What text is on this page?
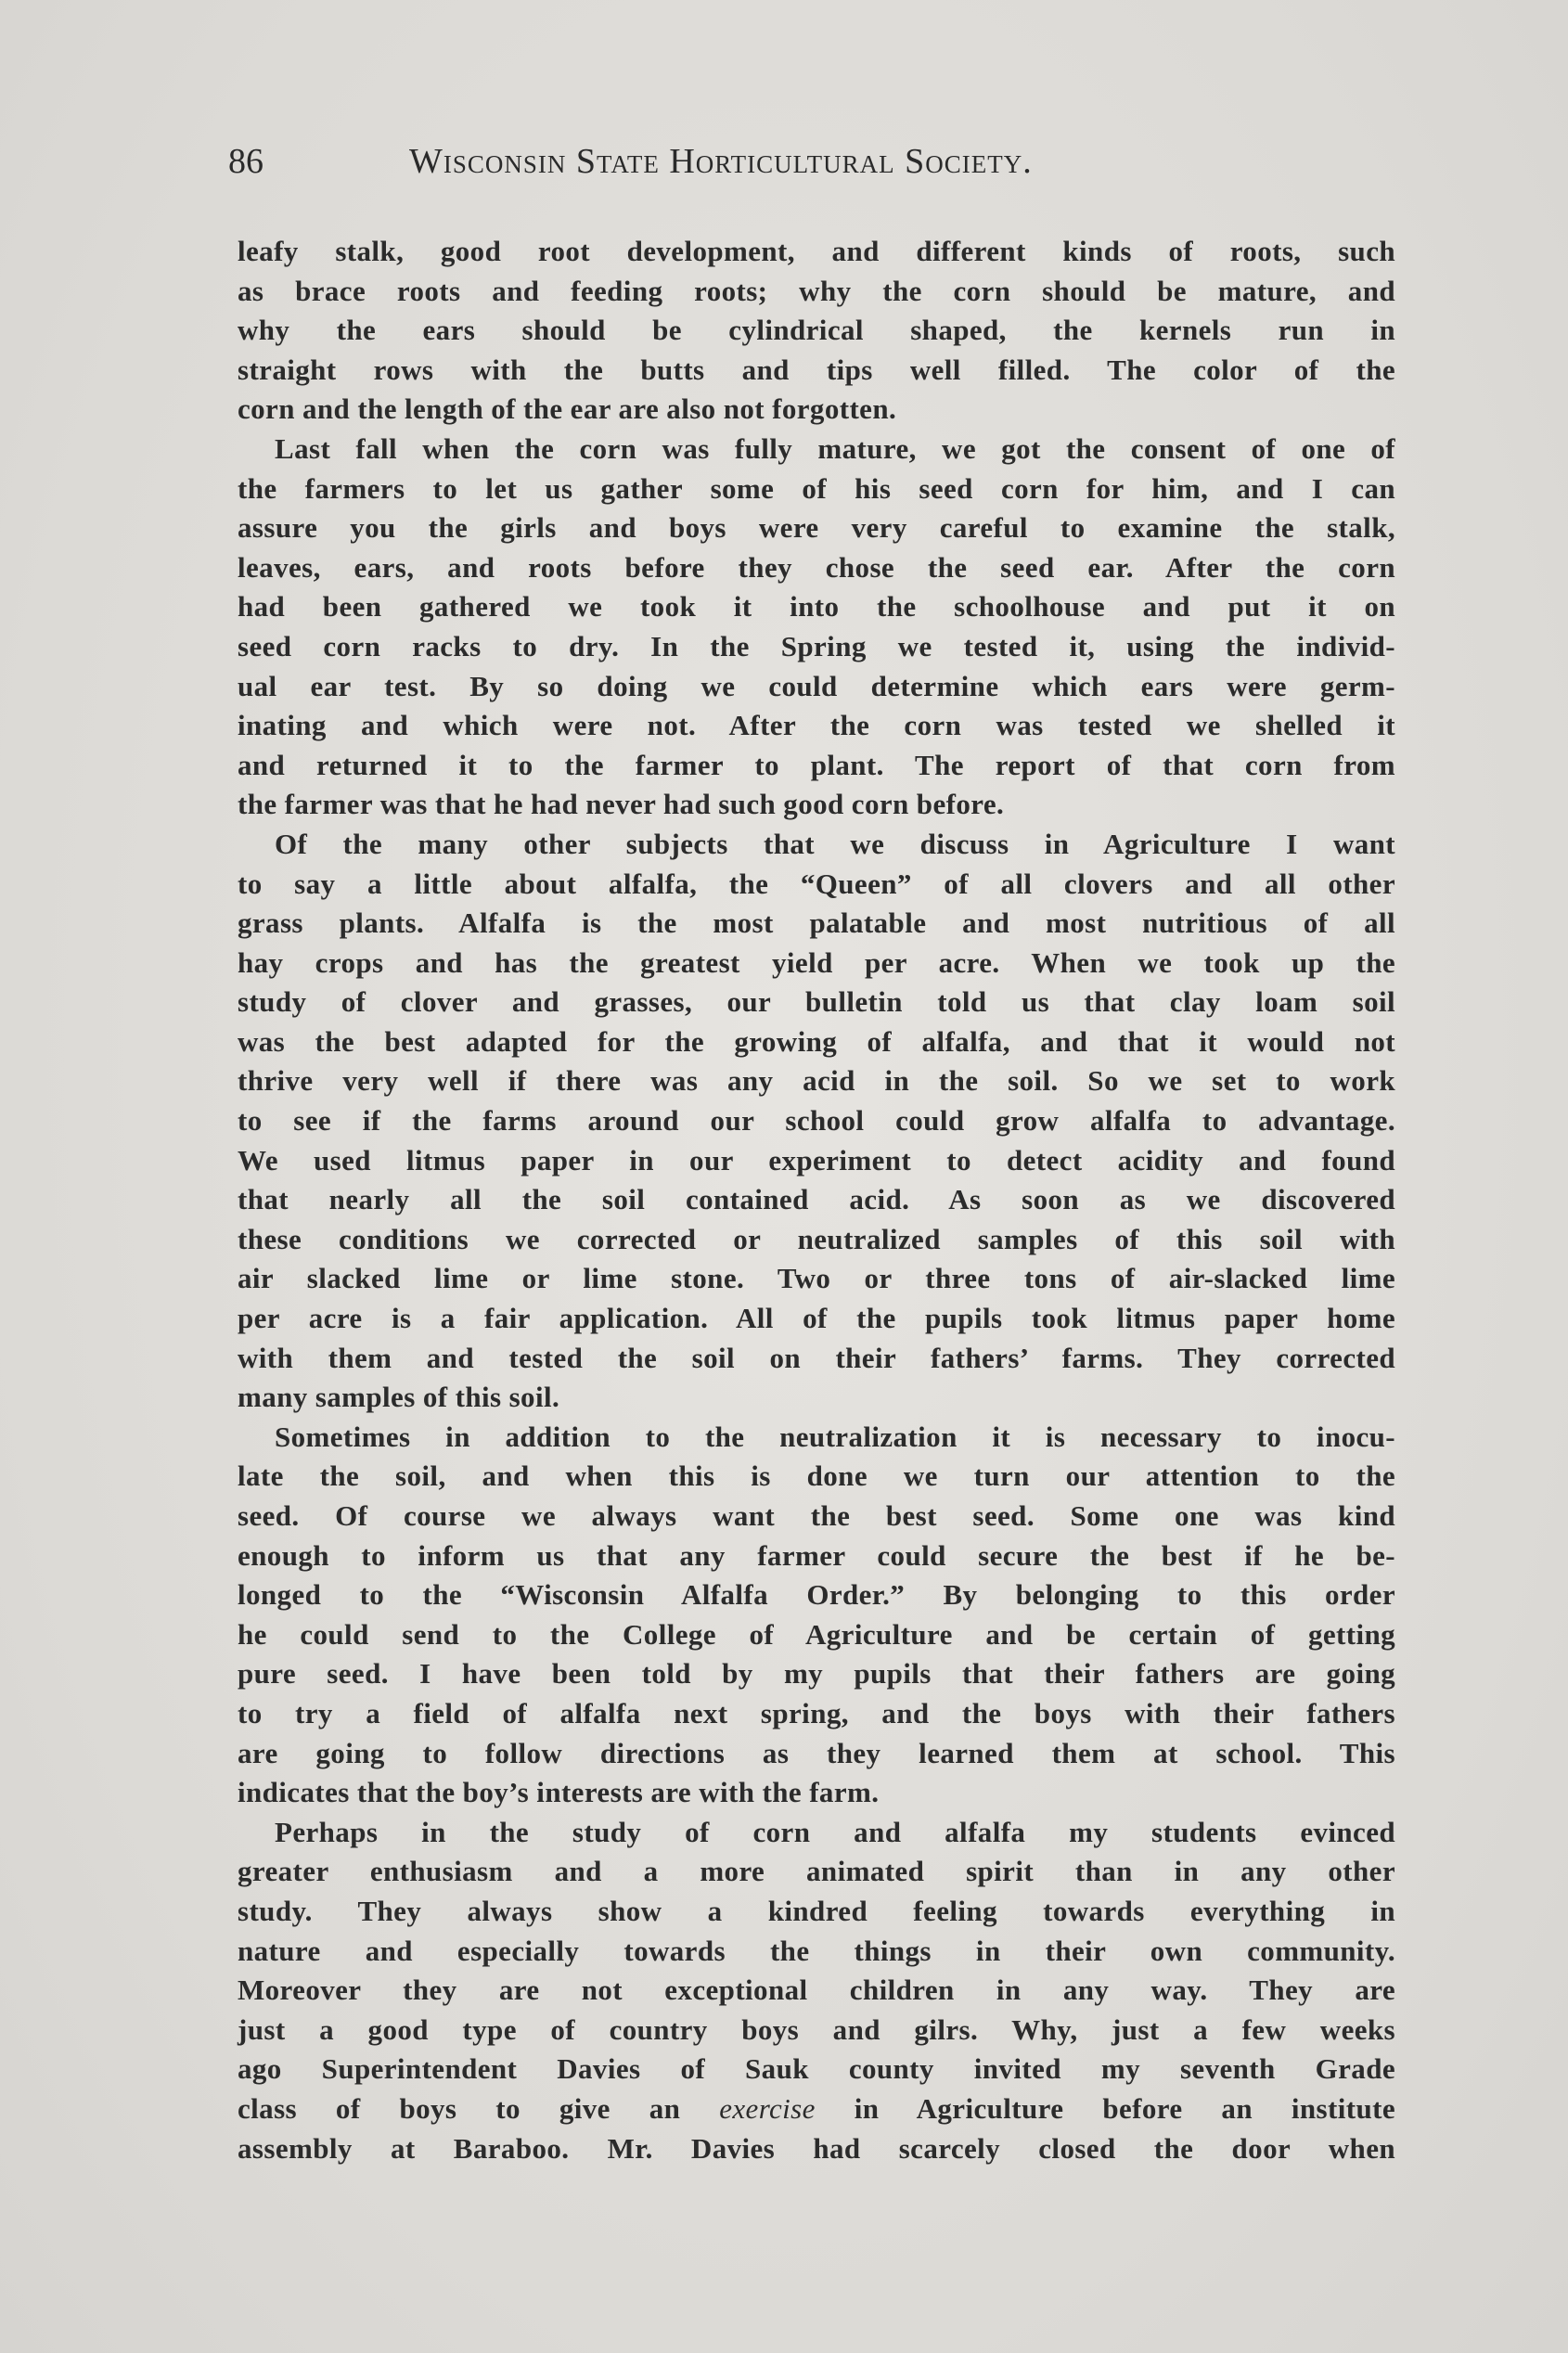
86	Wisconsin State Horticultural Society.

leafy stalk, good root development, and different kinds of roots, such
as brace roots and feeding roots; why the corn should be mature, and
why the ears should be cylindrical shaped, the kernels run in
straight rows with the butts and tips well filled. The color of the
corn and the length of the ear are also not forgotten.

Last fall when the corn was fully mature, we got the consent of one of
the farmers to let us gather some of his seed corn for him, and I can
assure you the girls and boys were very careful to examine the stalk,
leaves, ears, and roots before they chose the seed ear. After the corn
had been gathered we took it into the schoolhouse and put it on
seed corn racks to dry. In the Spring we tested it, using the individ-
ual ear test. By so doing we could determine which ears were germ-
inating and which were not. After the corn was tested we shelled it
and returned it to the farmer to plant. The report of that corn from
the farmer was that he had never had such good corn before.

Of the many other subjects that we discuss in Agriculture I want
to say a little about alfalfa, the “Queen” of all clovers and all other
grass plants. Alfalfa is the most palatable and most nutritious of all
hay crops and has the greatest yield per acre. When we took up the
study of clover and grasses, our bulletin told us that clay loam soil
was the best adapted for the growing of alfalfa, and that it would not
thrive very well if there was any acid in the soil. So we set to work
to see if the farms around our school could grow alfalfa to advantage.
We used litmus paper in our experiment to detect acidity and found
that nearly all the soil contained acid. As soon as we discovered
these conditions we corrected or neutralized samples of this soil with
air slacked lime or lime stone. Two or three tons of air-slacked lime
per acre is a fair application. All of the pupils took litmus paper home
with them and tested the soil on their fathers’ farms. They corrected
many samples of this soil.

Sometimes in addition to the neutralization it is necessary to inocu-
late the soil, and when this is done we turn our attention to the
seed. Of course we always want the best seed. Some one was kind
enough to inform us that any farmer could secure the best if he be-
longed to the “Wisconsin Alfalfa Order.” By belonging to this order
he could send to the College of Agriculture and be certain of getting
pure seed. I have been told by my pupils that their fathers are going
to try a field of alfalfa next spring, and the boys with their fathers
are going to follow directions as they learned them at school. This
indicates that the boy’s interests are with the farm.

Perhaps in the study of corn and alfalfa my students evinced
greater enthusiasm and a more animated spirit than in any other
study. They always show a kindred feeling towards everything in
nature and especially towards the things in their own community.
Moreover they are not exceptional children in any way. They are
just a good type of country boys and gilrs. Why, just a few weeks
ago Superintendent Davies of Sauk county invited my seventh Grade
class of boys to give an exercise in Agriculture before an institute
assembly at Baraboo. Mr. Davies had scarcely closed the door when
